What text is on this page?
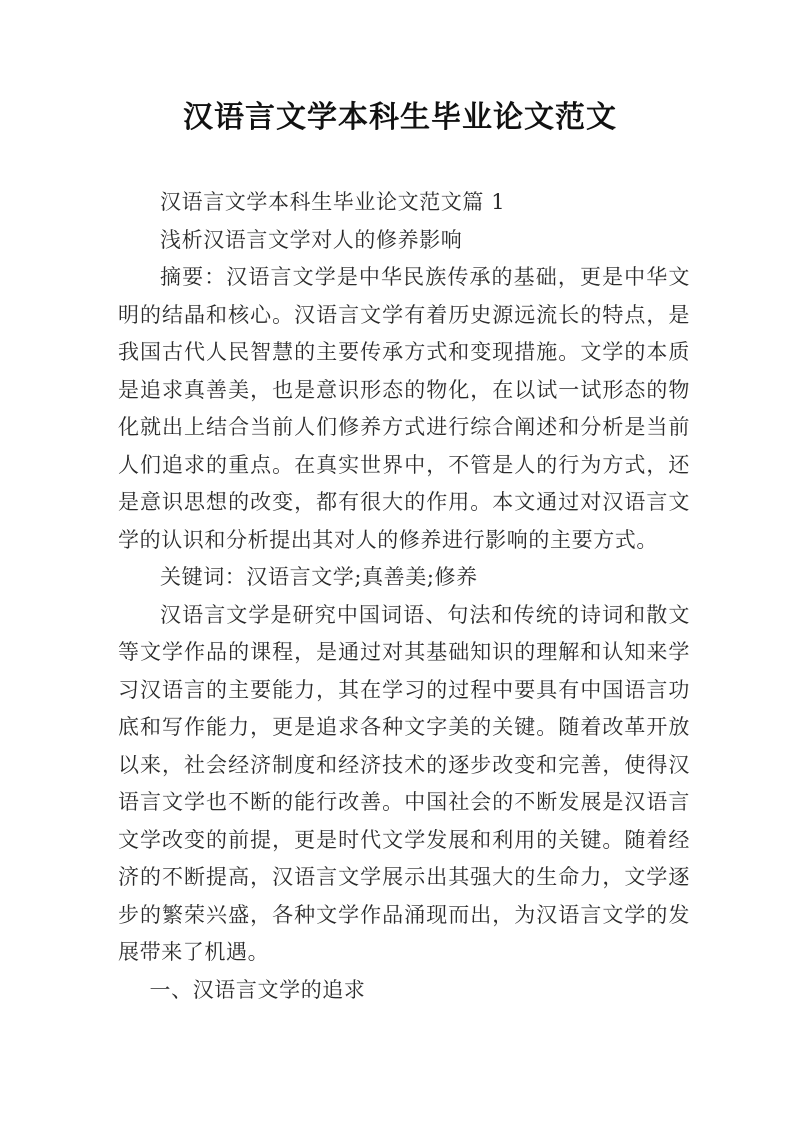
汉语言文学本科生毕业论文范文

汉语言文学本科生毕业论文范文篇 1

浅析汉语言文学对人的修养影响

摘要：汉语言文学是中华民族传承的基础，更是中华文明的结晶和核心。汉语言文学有着历史源远流长的特点，是我国古代人民智慧的主要传承方式和变现措施。文学的本质是追求真善美，也是意识形态的物化，在以试一试形态的物化就出上结合当前人们修养方式进行综合阐述和分析是当前人们追求的重点。在真实世界中，不管是人的行为方式，还是意识思想的改变，都有很大的作用。本文通过对汉语言文学的认识和分析提出其对人的修养进行影响的主要方式。

关键词：汉语言文学;真善美;修养

汉语言文学是研究中国词语、句法和传统的诗词和散文等文学作品的课程，是通过对其基础知识的理解和认知来学习汉语言的主要能力，其在学习的过程中要具有中国语言功底和写作能力，更是追求各种文字美的关键。随着改革开放以来，社会经济制度和经济技术的逐步改变和完善，使得汉语言文学也不断的能行改善。中国社会的不断发展是汉语言文学改变的前提，更是时代文学发展和利用的关键。随着经济的不断提高，汉语言文学展示出其强大的生命力，文学逐步的繁荣兴盛，各种文学作品涌现而出，为汉语言文学的发展带来了机遇。

一、汉语言文学的追求
